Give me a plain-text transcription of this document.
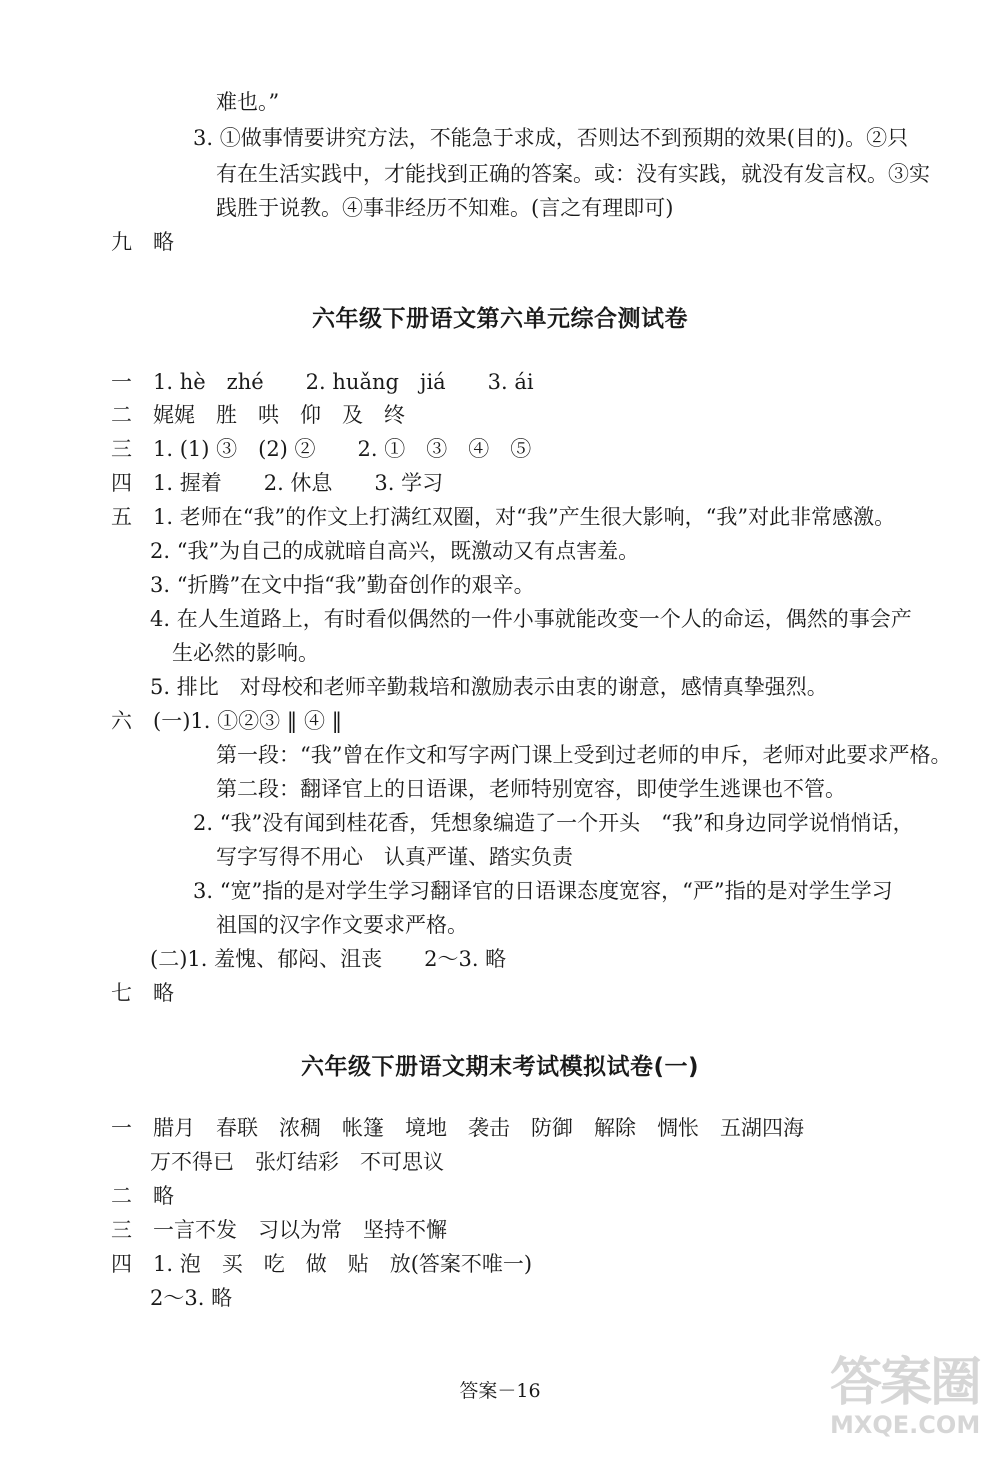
难也。”
3. ①做事情要讲究方法，不能急于求成，否则达不到预期的效果(目的)。②只
有在生活实践中，才能找到正确的答案。或：没有实践，就没有发言权。③实
践胜于说教。④事非经历不知难。(言之有理即可)
九　略
六年级下册语文第六单元综合测试卷
一　1. hè　zhé　　2. huǎng　jiá　　3. ái
二　娓娓　胜　哄　仰　及　终
三　1. (1) ③　(2) ②　　2. ①　③　④　⑤
四　1. 握着　　2. 休息　　3. 学习
五　1. 老师在“我”的作文上打满红双圈，对“我”产生很大影响，“我”对此非常感激。
2. “我”为自己的成就暗自高兴，既激动又有点害羞。
3. “折腾”在文中指“我”勤奋创作的艰辛。
4. 在人生道路上，有时看似偶然的一件小事就能改变一个人的命运，偶然的事会产
生必然的影响。
5. 排比　对母校和老师辛勤栽培和激励表示由衷的谢意，感情真挚强烈。
六　(一)1. ①②③ ‖ ④ ‖
第一段：“我”曾在作文和写字两门课上受到过老师的申斥，老师对此要求严格。
第二段：翻译官上的日语课，老师特别宽容，即使学生逃课也不管。
2. “我”没有闻到桂花香，凭想象编造了一个开头　“我”和身边同学说悄悄话，
写字写得不用心　认真严谨、踏实负责
3. “宽”指的是对学生学习翻译官的日语课态度宽容，“严”指的是对学生学习
祖国的汉字作文要求严格。
(二)1. 羞愧、郁闷、沮丧　　2～3. 略
七　略
六年级下册语文期末考试模拟试卷(一)
一　腊月　春联　浓稠　帐篷　境地　袭击　防御　解除　惆怅　五湖四海
万不得已　张灯结彩　不可思议
二　略
三　一言不发　习以为常　坚持不懈
四　1. 泡　买　吃　做　贴　放(答案不唯一)
2～3. 略
答案－16	答案圈
MXQE.COM
